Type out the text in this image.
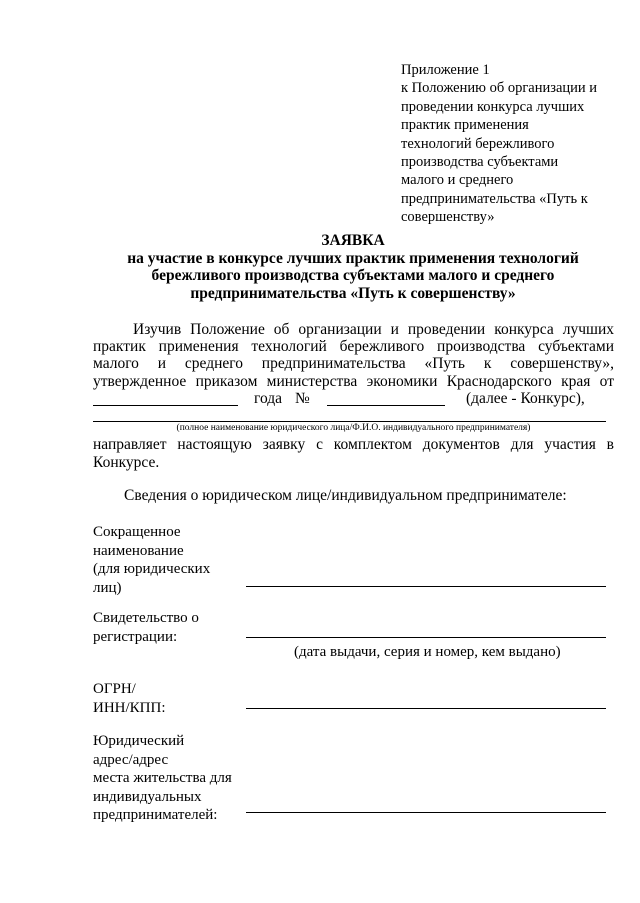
Приложение 1
к Положению об организации и
проведении конкурса лучших
практик применения
технологий бережливого
производства субъектами
малого и среднего
предпринимательства «Путь к
совершенству»
ЗАЯВКА
на участие в конкурсе лучших практик применения технологий
бережливого производства субъектами малого и среднего
предпринимательства «Путь к совершенству»
Изучив Положение об организации и проведении конкурса лучших
практик применения технологий бережливого производства субъектами
малого и среднего предпринимательства «Путь к совершенству»,
утвержденное приказом министерства экономики Краснодарского края от
года №	(далее - Конкурс),
(полное наименование юридического лица/Ф.И.О. индивидуального предпринимателя)
направляет настоящую заявку с комплектом документов для участия в
Конкурсе.
Сведения о юридическом лице/индивидуальном предпринимателе:
Сокращенное
наименование
(для юридических
лиц)
Свидетельство о
регистрации:
(дата выдачи, серия и номер, кем выдано)
ОГРН/
ИНН/КПП:
Юридический
адрес/адрес
места жительства для
индивидуальных
предпринимателей:
